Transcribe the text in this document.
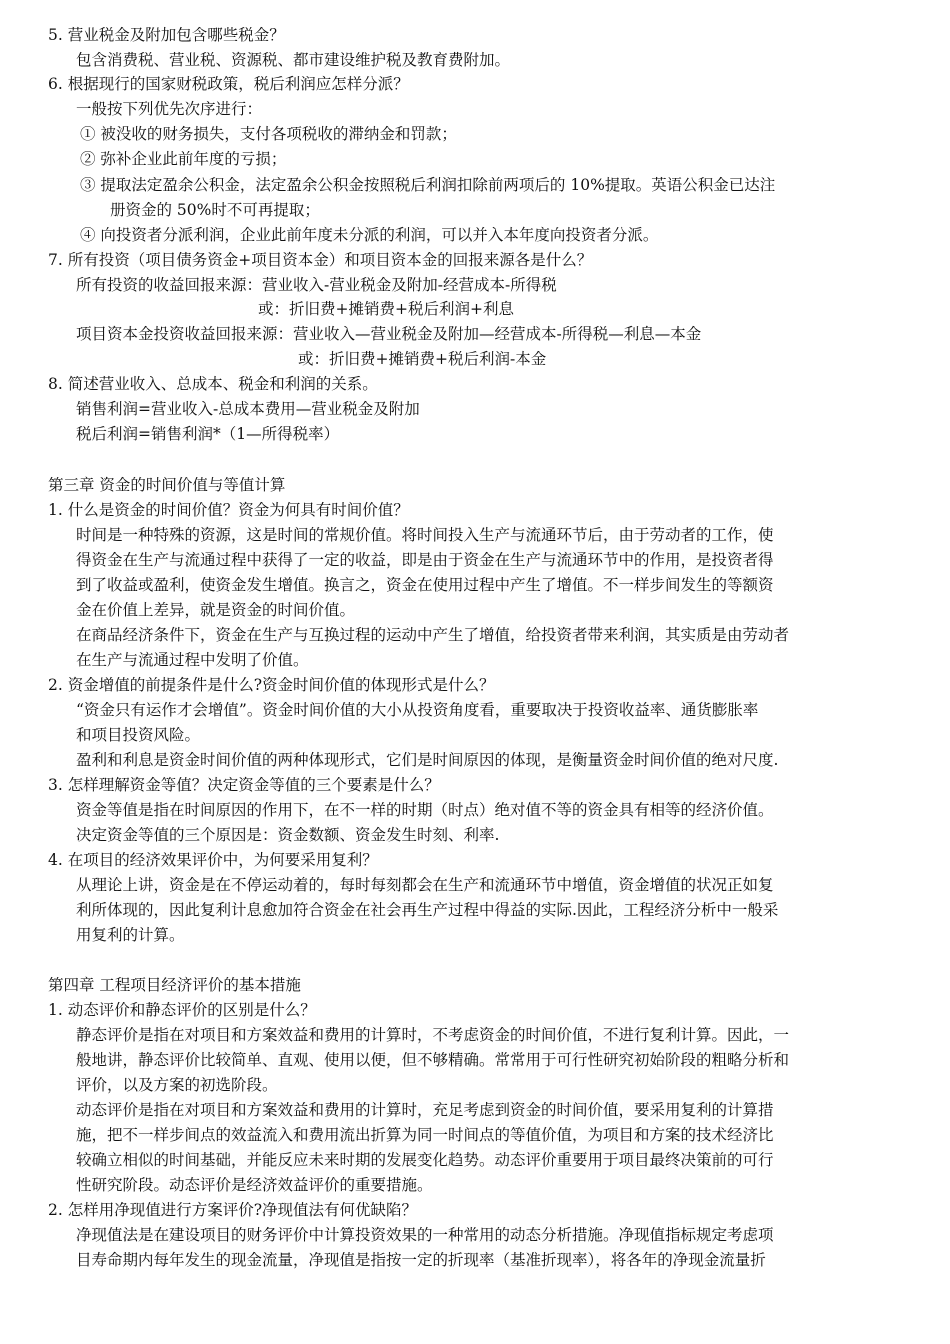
5. 营业税金及附加包含哪些税金？
包含消费税、营业税、资源税、都市建设维护税及教育费附加。
6. 根据现行的国家财税政策，税后利润应怎样分派？
一般按下列优先次序进行：
① 被没收的财务损失，支付各项税收的滞纳金和罚款；
② 弥补企业此前年度的亏损；
③ 提取法定盈余公积金，法定盈余公积金按照税后利润扣除前两项后的 10%提取。英语公积金已达注
册资金的 50%时不可再提取；
④ 向投资者分派利润，企业此前年度未分派的利润，可以并入本年度向投资者分派。
7. 所有投资（项目债务资金+项目资本金）和项目资本金的回报来源各是什么？
所有投资的收益回报来源：营业收入-营业税金及附加-经营成本-所得税
或：折旧费+摊销费+税后利润+利息
项目资本金投资收益回报来源：营业收入—营业税金及附加—经营成本-所得税—利息—本金
或：折旧费+摊销费+税后利润-本金
8. 简述营业收入、总成本、税金和利润的关系。
销售利润=营业收入-总成本费用—营业税金及附加
税后利润=销售利润*（1—所得税率）
第三章 资金的时间价值与等值计算
1. 什么是资金的时间价值？资金为何具有时间价值？
时间是一种特殊的资源，这是时间的常规价值。将时间投入生产与流通环节后，由于劳动者的工作，使
得资金在生产与流通过程中获得了一定的收益，即是由于资金在生产与流通环节中的作用，是投资者得
到了收益或盈利，使资金发生增值。换言之，资金在使用过程中产生了增值。不一样步间发生的等额资
金在价值上差异，就是资金的时间价值。
在商品经济条件下，资金在生产与互换过程的运动中产生了增值，给投资者带来利润，其实质是由劳动者
在生产与流通过程中发明了价值。
2. 资金增值的前提条件是什么?资金时间价值的体现形式是什么？
“资金只有运作才会增值”。资金时间价值的大小从投资角度看，重要取决于投资收益率、通货膨胀率
和项目投资风险。
盈利和利息是资金时间价值的两种体现形式，它们是时间原因的体现，是衡量资金时间价值的绝对尺度.
3. 怎样理解资金等值？决定资金等值的三个要素是什么？
资金等值是指在时间原因的作用下，在不一样的时期（时点）绝对值不等的资金具有相等的经济价值。
决定资金等值的三个原因是：资金数额、资金发生时刻、利率.
4. 在项目的经济效果评价中，为何要采用复利？
从理论上讲，资金是在不停运动着的，每时每刻都会在生产和流通环节中增值，资金增值的状况正如复
利所体现的，因此复利计息愈加符合资金在社会再生产过程中得益的实际.因此，工程经济分析中一般采
用复利的计算。
第四章 工程项目经济评价的基本措施
1. 动态评价和静态评价的区别是什么？
静态评价是指在对项目和方案效益和费用的计算时，不考虑资金的时间价值，不进行复利计算。因此，一
般地讲，静态评价比较简单、直观、使用以便，但不够精确。常常用于可行性研究初始阶段的粗略分析和
评价，以及方案的初选阶段。
动态评价是指在对项目和方案效益和费用的计算时，充足考虑到资金的时间价值，要采用复利的计算措
施，把不一样步间点的效益流入和费用流出折算为同一时间点的等值价值，为项目和方案的技术经济比
较确立相似的时间基础，并能反应未来时期的发展变化趋势。动态评价重要用于项目最终决策前的可行
性研究阶段。动态评价是经济效益评价的重要措施。
2. 怎样用净现值进行方案评价?净现值法有何优缺陷？
净现值法是在建设项目的财务评价中计算投资效果的一种常用的动态分析措施。净现值指标规定考虑项
目寿命期内每年发生的现金流量，净现值是指按一定的折现率（基准折现率），将各年的净现金流量折
